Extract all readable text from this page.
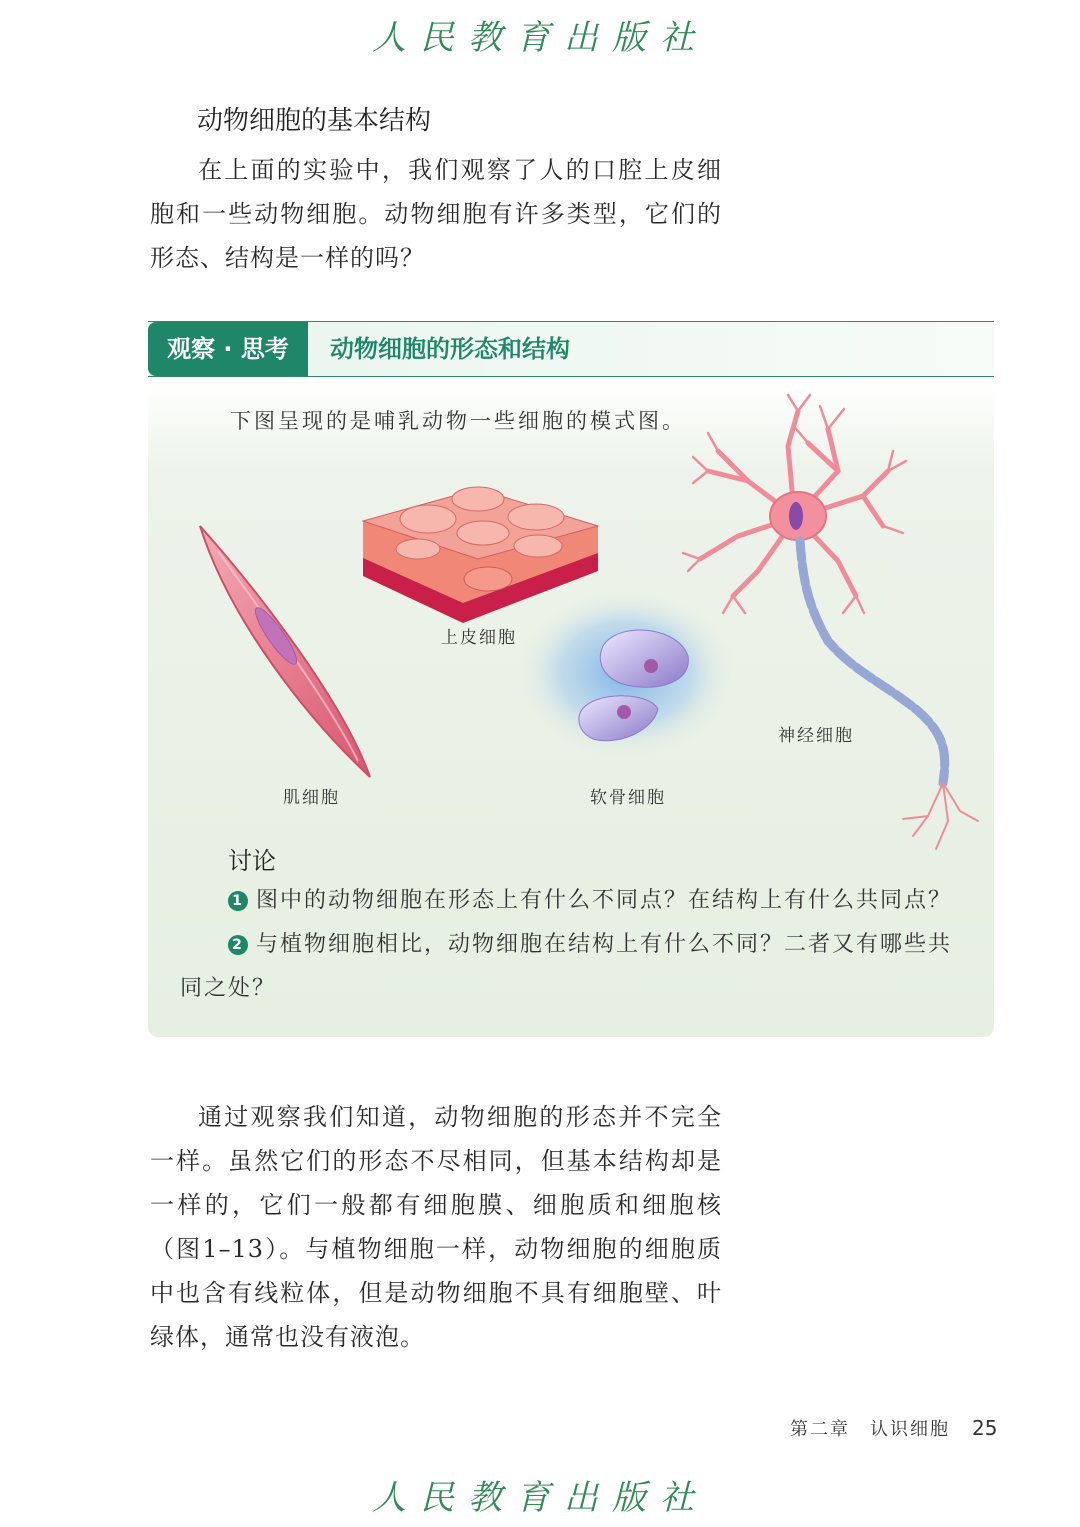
人民教育出版社
动物细胞的基本结构

在上面的实验中，我们观察了人的口腔上皮细胞和一些动物细胞。动物细胞有许多类型，它们的形态、结构是一样的吗？

观察 · 思考	动物细胞的形态和结构
下图呈现的是哺乳动物一些细胞的模式图。
肌细胞
上皮细胞
软骨细胞
神经细胞
讨论

1 图中的动物细胞在形态上有什么不同点？在结构上有什么共同点？

2 与植物细胞相比，动物细胞在结构上有什么不同？二者又有哪些共同之处？

通过观察我们知道，动物细胞的形态并不完全一样。虽然它们的形态不尽相同，但基本结构却是一样的，它们一般都有细胞膜、细胞质和细胞核（图1–13）。与植物细胞一样，动物细胞的细胞质中也含有线粒体，但是动物细胞不具有细胞壁、叶绿体，通常也没有液泡。

第二章 认识细胞 25
人民教育出版社
